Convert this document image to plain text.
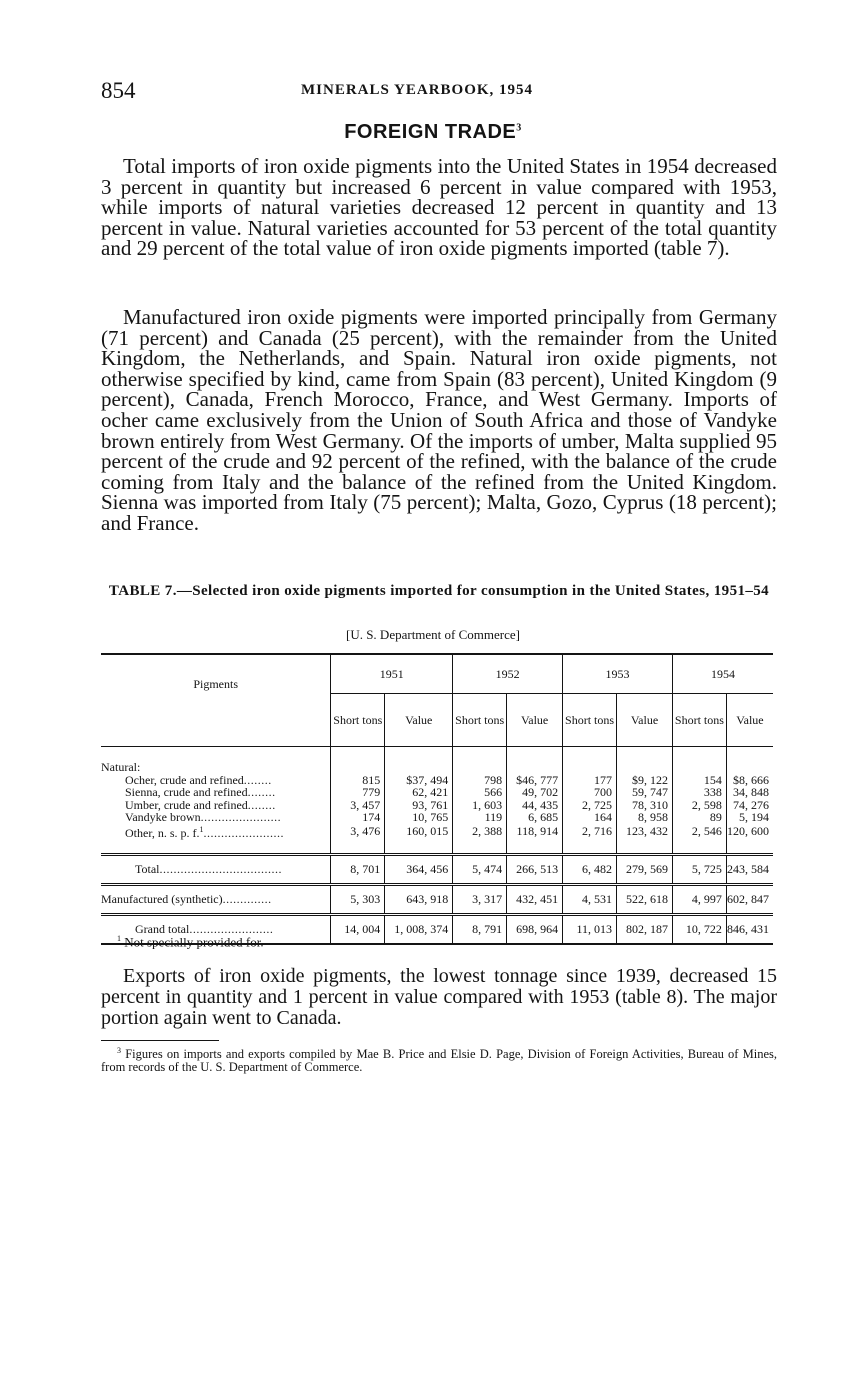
854	MINERALS YEARBOOK, 1954
FOREIGN TRADE$^3$

Total imports of iron oxide pigments into the United States in 1954 decreased 3 percent in quantity but increased 6 percent in value compared with 1953, while imports of natural varieties decreased 12 percent in quantity and 13 percent in value. Natural varieties accounted for 53 percent of the total quantity and 29 percent of the total value of iron oxide pigments imported (table 7).

Manufactured iron oxide pigments were imported principally from Germany (71 percent) and Canada (25 percent), with the remainder from the United Kingdom, the Netherlands, and Spain. Natural iron oxide pigments, not otherwise specified by kind, came from Spain (83 percent), United Kingdom (9 percent), Canada, French Morocco, France, and West Germany. Imports of ocher came exclusively from the Union of South Africa and those of Vandyke brown entirely from West Germany. Of the imports of umber, Malta supplied 95 percent of the crude and 92 percent of the refined, with the balance of the crude coming from Italy and the balance of the refined from the United Kingdom. Sienna was imported from Italy (75 percent); Malta, Gozo, Cyprus (18 percent); and France.

TABLE 7.—Selected iron oxide pigments imported for consumption in the United States, 1951–54

[U. S. Department of Commerce]
Pigments	1951		1952		1953		1954	
	Short tons	Value	Short tons	Value	Short tons	Value	Short tons	Value

Natural:								
Ocher, crude and refined........	815	$37, 494	798	$46, 777	177	$9, 122	154	$8, 666
Sienna, crude and refined........	779	62, 421	566	49, 702	700	59, 747	338	34, 848
Umber, crude and refined........	3, 457	93, 761	1, 603	44, 435	2, 725	78, 310	2, 598	74, 276
Vandyke brown.......................	174	10, 765	119	6, 685	164	8, 958	89	5, 194
Other, n. s. p. f.$^1$.......................	3, 476	160, 015	2, 388	118, 914	2, 716	123, 432	2, 546	120, 600
Total...................................	8, 701	364, 456	5, 474	266, 513	6, 482	279, 569	5, 725	243, 584
Manufactured (synthetic)..............	5, 303	643, 918	3, 317	432, 451	4, 531	522, 618	4, 997	602, 847
Grand total........................	14, 004	1, 008, 374	8, 791	698, 964	11, 013	802, 187	10, 722	846, 431
$^1$ Not specially provided for.

Exports of iron oxide pigments, the lowest tonnage since 1939, decreased 15 percent in quantity and 1 percent in value compared with 1953 (table 8). The major portion again went to Canada.

$^3$ Figures on imports and exports compiled by Mae B. Price and Elsie D. Page, Division of Foreign Activities, Bureau of Mines, from records of the U. S. Department of Commerce.
